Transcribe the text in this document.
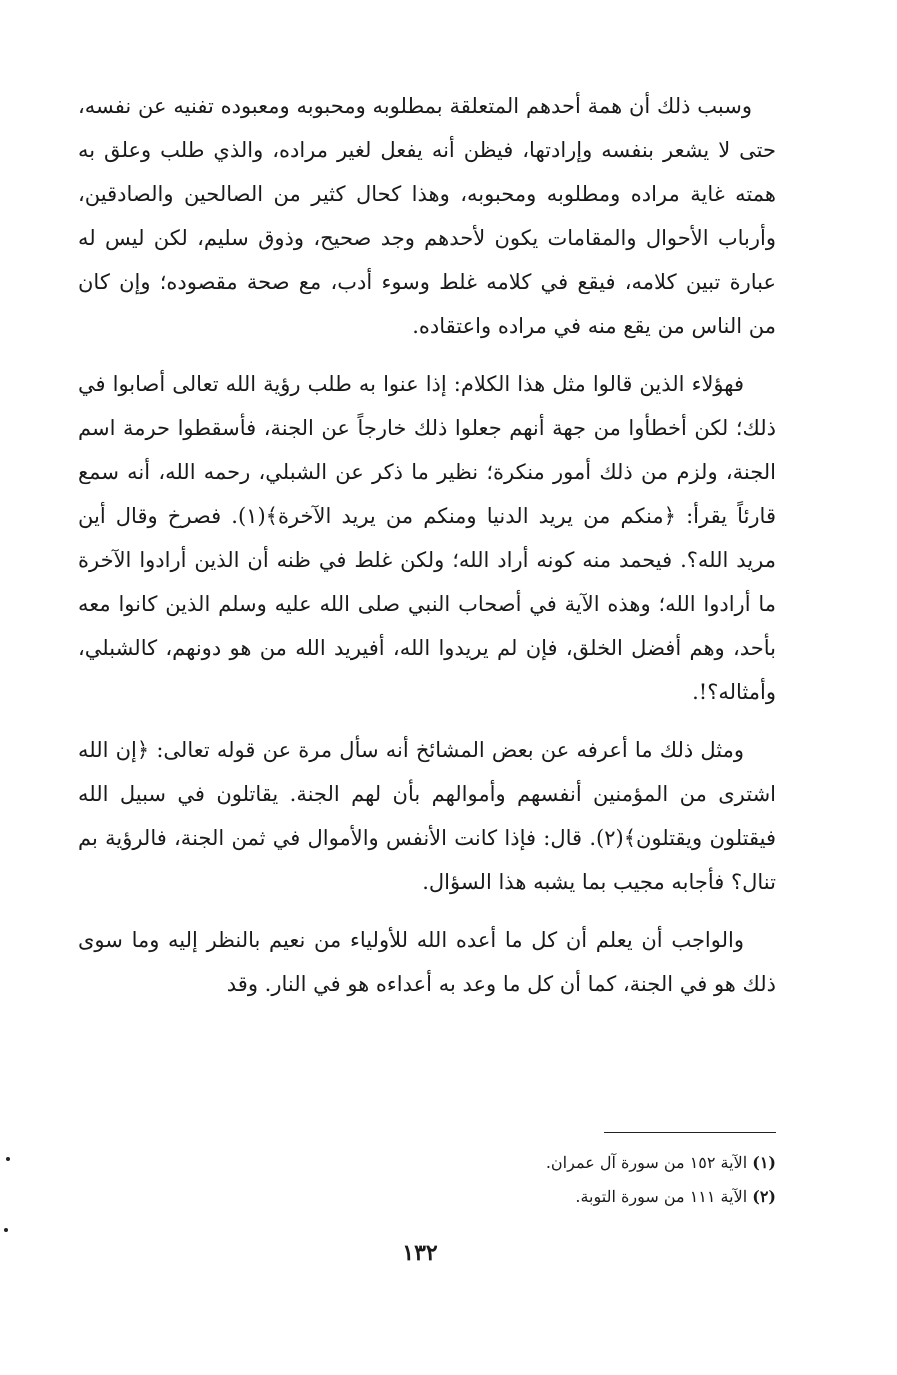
وسبب ذلك أن همة أحدهم المتعلقة بمطلوبه ومحبوبه ومعبوده تفنيه عن نفسه، حتى لا يشعر بنفسه وإرادتها، فيظن أنه يفعل لغير مراده، والذي طلب وعلق به همته غاية مراده ومطلوبه ومحبوبه، وهذا كحال كثير من الصالحين والصادقين، وأرباب الأحوال والمقامات يكون لأحدهم وجد صحيح، وذوق سليم، لكن ليس له عبارة تبين كلامه، فيقع في كلامه غلط وسوء أدب، مع صحة مقصوده؛ وإن كان من الناس من يقع منه في مراده واعتقاده.

فهؤلاء الذين قالوا مثل هذا الكلام: إذا عنوا به طلب رؤية الله تعالى أصابوا في ذلك؛ لكن أخطأوا من جهة أنهم جعلوا ذلك خارجاً عن الجنة، فأسقطوا حرمة اسم الجنة، ولزم من ذلك أمور منكرة؛ نظير ما ذكر عن الشبلي، رحمه الله، أنه سمع قارئاً يقرأ: ﴿منكم من يريد الدنيا ومنكم من يريد الآخرة﴾(١). فصرخ وقال أين مريد الله؟. فيحمد منه كونه أراد الله؛ ولكن غلط في ظنه أن الذين أرادوا الآخرة ما أرادوا الله؛ وهذه الآية في أصحاب النبي صلى الله عليه وسلم الذين كانوا معه بأحد، وهم أفضل الخلق، فإن لم يريدوا الله، أفيريد الله من هو دونهم، كالشبلي، وأمثاله؟!.

ومثل ذلك ما أعرفه عن بعض المشائخ أنه سأل مرة عن قوله تعالى: ﴿إن الله اشترى من المؤمنين أنفسهم وأموالهم بأن لهم الجنة. يقاتلون في سبيل الله فيقتلون ويقتلون﴾(٢). قال: فإذا كانت الأنفس والأموال في ثمن الجنة، فالرؤية بم تنال؟ فأجابه مجيب بما يشبه هذا السؤال.

والواجب أن يعلم أن كل ما أعده الله للأولياء من نعيم بالنظر إليه وما سوى ذلك هو في الجنة، كما أن كل ما وعد به أعداءه هو في النار. وقد

(١) الآية ١٥٢ من سورة آل عمران.
(٢) الآية ١١١ من سورة التوبة.
١٣٢
